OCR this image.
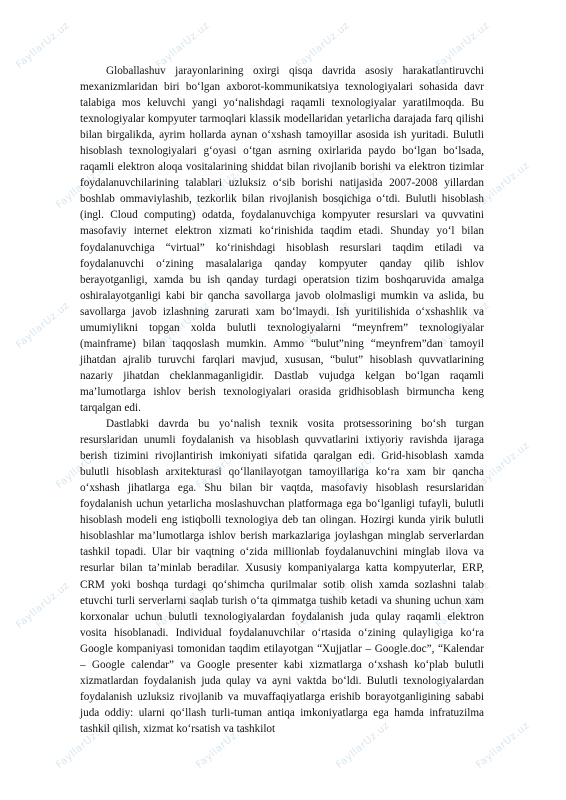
FayllarUz.uz	FayllarUz.uz	FayllarUz.uz	FayllarUz.uz
FayllarUz.uz	FayllarUz.uz	FayllarUz.uz	FayllarUz.uz
FayllarUz.uz	FayllarUz.uz	FayllarUz.uz	FayllarUz.uz
FayllarUz.uz	FayllarUz.uz	FayllarUz.uz	FayllarUz.uz
FayllarUz.uz	FayllarUz.uz	FayllarUz.uz	FayllarUz.uz
FayllarUz.uz	FayllarUz.uz	FayllarUz.uz	FayllarUz.uz

Globallashuv jarayonlarining oxirgi qisqa davrida asosiy harakatlantiruvchi mexanizmlaridan biri bo‘lgan axborot-kommunikatsiya texnologiyalari sohasida davr talabiga mos keluvchi yangi yo‘nalishdagi raqamli texnologiyalar yaratilmoqda. Bu texnologiyalar kompyuter tarmoqlari klassik modellaridan yetarlicha darajada farq qilishi bilan birgalikda, ayrim hollarda aynan o‘xshash tamoyillar asosida ish yuritadi. Bulutli hisoblash texnologiyalari g‘oyasi o‘tgan asrning oxirlarida paydo bo‘lgan bo‘lsada, raqamli elektron aloqa vositalarining shiddat bilan rivojlanib borishi va elektron tizimlar foydalanuvchilarining talablari uzluksiz o‘sib borishi natijasida 2007-2008 yillardan boshlab ommaviylashib, tezkorlik bilan rivojlanish bosqichiga o‘tdi. Bulutli hisoblash (ingl. Cloud computing) odatda, foydalanuvchiga kompyuter resurslari va quvvatini masofaviy internet elektron xizmati ko‘rinishida taqdim etadi. Shunday yo‘l bilan foydalanuvchiga “virtual” ko‘rinishdagi hisoblash resurslari taqdim etiladi va foydalanuvchi o‘zining masalalariga qanday kompyuter qanday qilib ishlov berayotganligi, xamda bu ish qanday turdagi operatsion tizim boshqaruvida amalga oshiralayotganligi kabi bir qancha savollarga javob ololmasligi mumkin va aslida, bu savollarga javob izlashning zarurati xam bo‘lmaydi. Ish yuritilishida o‘xshashlik va umumiylikni topgan xolda bulutli texnologiyalarni “meynfrem” texnologiyalar (mainframe) bilan taqqoslash mumkin. Ammo “bulut”ning “meynfrem”dan tamoyil jihatdan ajralib turuvchi farqlari mavjud, xususan, “bulut” hisoblash quvvatlarining nazariy jihatdan cheklanmaganligidir. Dastlab vujudga kelgan bo‘lgan raqamli ma’lumotlarga ishlov berish texnologiyalari orasida gridhisoblash birmuncha keng tarqalgan edi.

Dastlabki davrda bu yo‘nalish texnik vosita protsessorining bo‘sh turgan resurslaridan unumli foydalanish va hisoblash quvvatlarini ixtiyoriy ravishda ijaraga berish tizimini rivojlantirish imkoniyati sifatida qaralgan edi. Grid-hisoblash xamda bulutli hisoblash arxitekturasi qo‘llanilayotgan tamoyillariga ko‘ra xam bir qancha o‘xshash jihatlarga ega. Shu bilan bir vaqtda, masofaviy hisoblash resurslaridan foydalanish uchun yetarlicha moslashuvchan platformaga ega bo‘lganligi tufayli, bulutli hisoblash modeli eng istiqbolli texnologiya deb tan olingan. Hozirgi kunda yirik bulutli hisoblashlar ma’lumotlarga ishlov berish markazlariga joylashgan minglab serverlardan tashkil topadi. Ular bir vaqtning o‘zida millionlab foydalanuvchini minglab ilova va resurlar bilan ta’minlab beradilar. Xususiy kompaniyalarga katta kompyuterlar, ERP, CRM yoki boshqa turdagi qo‘shimcha qurilmalar sotib olish xamda sozlashni talab etuvchi turli serverlarni saqlab turish o‘ta qimmatga tushib ketadi va shuning uchun xam korxonalar uchun bulutli texnologiyalardan foydalanish juda qulay raqamli elektron vosita hisoblanadi. Individual foydalanuvchilar o‘rtasida o‘zining qulayligiga ko‘ra Google kompaniyasi tomonidan taqdim etilayotgan “Xujjatlar – Google.doc”, “Kalendar – Google calendar” va Google presenter kabi xizmatlarga o‘xshash ko‘plab bulutli xizmatlardan foydalanish juda qulay va ayni vaktda bo‘ldi. Bulutli texnologiyalardan foydalanish uzluksiz rivojlanib va muvaffaqiyatlarga erishib borayotganligining sababi juda oddiy: ularni qo‘llash turli-tuman antiqa imkoniyatlarga ega hamda infratuzilma tashkil qilish, xizmat ko‘rsatish va tashkilot
